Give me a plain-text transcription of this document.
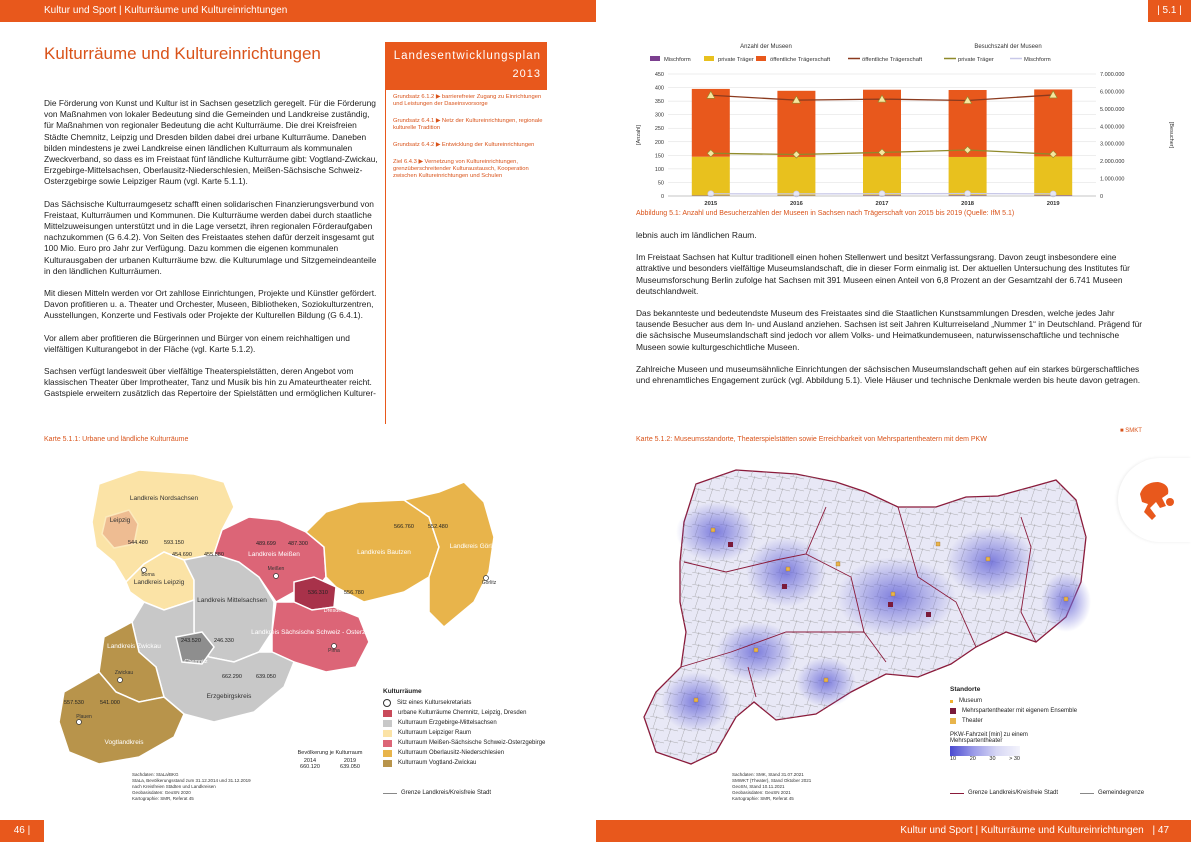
Kultur und Sport | Kulturräume und Kultureinrichtungen	| 5.1 |
Kulturräume und Kultureinrichtungen	Landesentwicklungsplan
2013
Grundsatz 6.1.2 ▶ barrierefreier Zugang zu Einrichtungen und Leistungen der Daseinsvorsorge
Grundsatz 6.4.1 ▶ Netz der Kultureinrichtungen, regionale kulturelle Tradition
Grundsatz 6.4.2 ▶ Entwicklung der Kultureinrichtungen
Ziel 6.4.3 ▶ Vernetzung von Kultureinrichtungen, grenzüberschreitender Kulturaustausch, Kooperation zwischen Kultureinrichtungen und Schulen

Die Förderung von Kunst und Kultur ist in Sachsen gesetzlich geregelt. Für die Förderung von Maßnahmen von lokaler Bedeutung sind die Gemeinden und Landkreise zuständig, für Maßnahmen von regionaler Bedeutung die acht Kulturräume. Die drei Kreisfreien Städte Chemnitz, Leipzig und Dresden bilden dabei drei urbane Kulturräume. Daneben bilden mindestens je zwei Landkreise einen ländlichen Kulturraum als kommunalen Zweckverband, so dass es im Freistaat fünf ländliche Kulturräume gibt: Vogtland-Zwickau, Erzgebirge-Mittelsachsen, Oberlausitz-Niederschlesien, Meißen-Sächsische Schweiz-Osterzgebirge sowie Leipziger Raum (vgl. Karte 5.1.1).

Das Sächsische Kulturraumgesetz schafft einen solidarischen Finanzierungsverbund von Freistaat, Kulturräumen und Kommunen. Die Kulturräume werden dabei durch staatliche Mittelzuweisungen unterstützt und in die Lage versetzt, ihren regionalen Förderaufgaben nachzukommen (G 6.4.2). Von Seiten des Freistaates stehen dafür derzeit insgesamt gut 100 Mio. Euro pro Jahr zur Verfügung. Dazu kommen die eigenen kommunalen Kulturausgaben der urbanen Kulturräume bzw. die Kulturumlage und Sitzgemeindeanteile in den ländlichen Kulturräumen.

Mit diesen Mitteln werden vor Ort zahllose Einrichtungen, Projekte und Künstler gefördert. Davon profitieren u. a. Theater und Orchester, Museen, Bibliotheken, Soziokulturzentren, Ausstellungen, Konzerte und Festivals oder Projekte der Kulturellen Bildung (G 6.4.1).

Vor allem aber profitieren die Bürgerinnen und Bürger von einem reichhaltigen und vielfältigen Kulturangebot in der Fläche (vgl. Karte 5.1.2).

Sachsen verfügt landesweit über vielfältige Theaterspielstätten, deren Angebot vom klassischen Theater über Improtheater, Tanz und Musik bis hin zu Amateurtheater reicht. Gastspiele erweitern zusätzlich das Repertoire der Spielstätten und ermöglichen Kulturer-

Karte 5.1.1: Urbane und ländliche Kulturräume
Landkreis Nordsachsen
Leipzig
Landkreis Leipzig
Borna
Landkreis Mittelsachsen
Landkreis Meißen
Meißen
Landkreis Bautzen
Landkreis Görlitz
Görlitz
Dresden
Landkreis Sächsische Schweiz - Osterzgebirge
Pirna
Chemnitz
Landkreis Zwickau
Zwickau
Erzgebirgskreis
Vogtlandkreis
Plauen
544.480	593.150
454.690 455.880
489.699 487.300
566.760	552.480
536.310	556.780
243.520 246.330
662.290	639.050
557.530	541.000
Kulturräume
Sitz eines Kultursekretariats
urbane Kulturräume Chemnitz, Leipzig, Dresden
Kulturraum Erzgebirge-Mittelsachsen
Kulturraum Leipziger Raum
Kulturraum Meißen-Sächsische Schweiz-Osterzgebirge
Kulturraum Oberlausitz-Niederschlesien
Kulturraum Vogtland-Zwickau
Bevölkerung je Kulturraum
2014	2019
660.120	639.050
Sachdaten: StaLa/BKG
StaLa, Bevölkerungsstand zum 31.12.2014 und 31.12.2019
nach Kreisfreien Städten und Landkreisen
Geobasisdaten: GeoSN 2020
Kartographie: SMR, Referat 45
Grenze Landkreis/Kreisfreie Stadt
46 |
Anzahl der Museen	Besuchszahl der Museen
Mischform	private Träger	öffentliche Trägerschaft	öffentliche Trägerschaft	private Träger	Mischform
0
50
100
150
200
250
300
350
400
450
0
1.000.000
2.000.000
3.000.000
4.000.000
5.000.000
6.000.000
7.000.000
[Anzahl]	[Besucher]
2015	2016	2017	2018	2019
Abbildung 5.1: Anzahl und Besucherzahlen der Museen in Sachsen nach Trägerschaft von 2015 bis 2019 (Quelle: IfM 5.1)

lebnis auch im ländlichen Raum.

Im Freistaat Sachsen hat Kultur traditionell einen hohen Stellenwert und besitzt Verfassungsrang. Davon zeugt insbesondere eine attraktive und besonders vielfältige Museumslandschaft, die in dieser Form einmalig ist. Der aktuellen Untersuchung des Institutes für Museumsforschung Berlin zufolge hat Sachsen mit 391 Museen einen Anteil von 6,8 Prozent an der Gesamtzahl der 6.741 Museen deutschlandweit.

Das bekannteste und bedeutendste Museum des Freistaates sind die Staatlichen Kunstsammlungen Dresden, welche jedes Jahr tausende Besucher aus dem In- und Ausland anziehen. Sachsen ist seit Jahren Kulturreiseland „Nummer 1“ in Deutschland. Prägend für die sächsische Museumslandschaft sind jedoch vor allem Volks- und Heimatkundemuseen, naturwissenschaftliche und technische Museen sowie kulturgeschichtliche Museen.

Zahlreiche Museen und museumsähnliche Einrichtungen der sächsischen Museumslandschaft gehen auf ein starkes bürgerschaftliches und ehrenamtliches Engagement zurück (vgl. Abbildung 5.1). Viele Häuser und technische Denkmale werden bis heute davon getragen.

■ SMKT
Karte 5.1.2: Museumsstandorte, Theaterspielstätten sowie Erreichbarkeit von Mehrspartentheatern mit dem PKW
Standorte
Museum
Mehrspartentheater mit eigenem Ensemble
Theater
PKW-Fahrzeit [min] zu einem Mehrspartentheater
10 20 30 > 30
Sachdaten: SMK, Stand 31.07.2021
SMWKT (Theater), Stand Oktober 2021
GeoSN, Stand 10.11.2021
Geobasisdaten: GeoSN 2021
Kartographie: SMR, Referat 45
Grenze Landkreis/Kreisfreie Stadt	Gemeindegrenze
Kultur und Sport | Kulturräume und Kultureinrichtungen | 47
